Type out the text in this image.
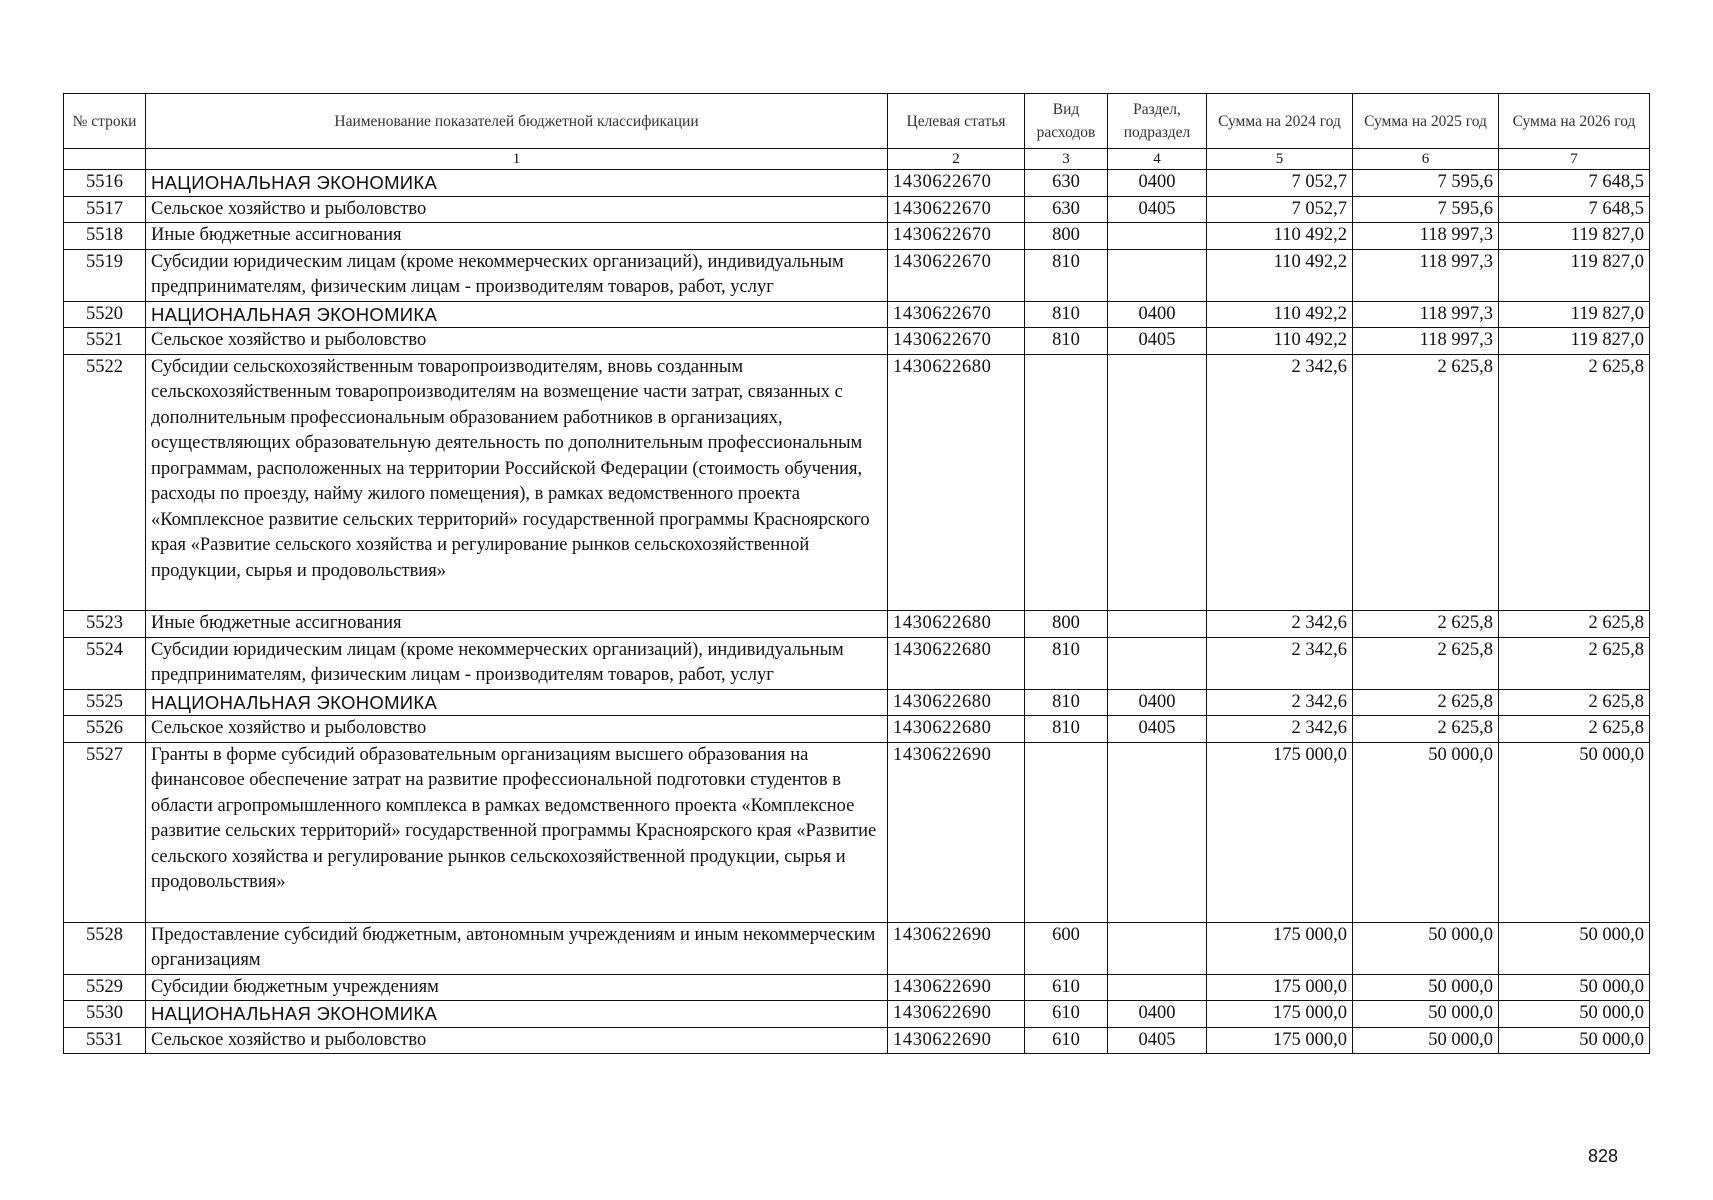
№ строки	Наименование показателей бюджетной классификации	Целевая статья	Вид расходов	Раздел, подраздел	Сумма на 2024 год	Сумма на 2025 год	Сумма на 2026 год
	1	2	3	4	5	6	7
5516	НАЦИОНАЛЬНАЯ ЭКОНОМИКА	1430622670	630	0400	7 052,7	7 595,6	7 648,5
5517	Сельское хозяйство и рыболовство	1430622670	630	0405	7 052,7	7 595,6	7 648,5
5518	Иные бюджетные ассигнования	1430622670	800		110 492,2	118 997,3	119 827,0
5519	Субсидии юридическим лицам (кроме некоммерческих организаций), индивидуальным предпринимателям, физическим лицам - производителям товаров, работ, услуг	1430622670	810		110 492,2	118 997,3	119 827,0
5520	НАЦИОНАЛЬНАЯ ЭКОНОМИКА	1430622670	810	0400	110 492,2	118 997,3	119 827,0
5521	Сельское хозяйство и рыболовство	1430622670	810	0405	110 492,2	118 997,3	119 827,0
5522	Субсидии сельскохозяйственным товаропроизводителям, вновь созданным сельскохозяйственным товаропроизводителям на возмещение части затрат, связанных с дополнительным профессиональным образованием работников в организациях, осуществляющих образовательную деятельность по дополнительным профессиональным программам, расположенных на территории Российской Федерации (стоимость обучения, расходы по проезду, найму жилого помещения), в рамках ведомственного проекта «Комплексное развитие сельских территорий» государственной программы Красноярского края «Развитие сельского хозяйства и регулирование рынков сельскохозяйственной продукции, сырья и продовольствия»	1430622680			2 342,6	2 625,8	2 625,8
5523	Иные бюджетные ассигнования	1430622680	800		2 342,6	2 625,8	2 625,8
5524	Субсидии юридическим лицам (кроме некоммерческих организаций), индивидуальным предпринимателям, физическим лицам - производителям товаров, работ, услуг	1430622680	810		2 342,6	2 625,8	2 625,8
5525	НАЦИОНАЛЬНАЯ ЭКОНОМИКА	1430622680	810	0400	2 342,6	2 625,8	2 625,8
5526	Сельское хозяйство и рыболовство	1430622680	810	0405	2 342,6	2 625,8	2 625,8
5527	Гранты в форме субсидий образовательным организациям высшего образования на финансовое обеспечение затрат на развитие профессиональной подготовки студентов в области агропромышленного комплекса в рамках ведомственного проекта «Комплексное развитие сельских территорий» государственной программы Красноярского края «Развитие сельского хозяйства и регулирование рынков сельскохозяйственной продукции, сырья и продовольствия»	1430622690			175 000,0	50 000,0	50 000,0
5528	Предоставление субсидий бюджетным, автономным учреждениям и иным некоммерческим организациям	1430622690	600		175 000,0	50 000,0	50 000,0
5529	Субсидии бюджетным учреждениям	1430622690	610		175 000,0	50 000,0	50 000,0
5530	НАЦИОНАЛЬНАЯ ЭКОНОМИКА	1430622690	610	0400	175 000,0	50 000,0	50 000,0
5531	Сельское хозяйство и рыболовство	1430622690	610	0405	175 000,0	50 000,0	50 000,0
828
